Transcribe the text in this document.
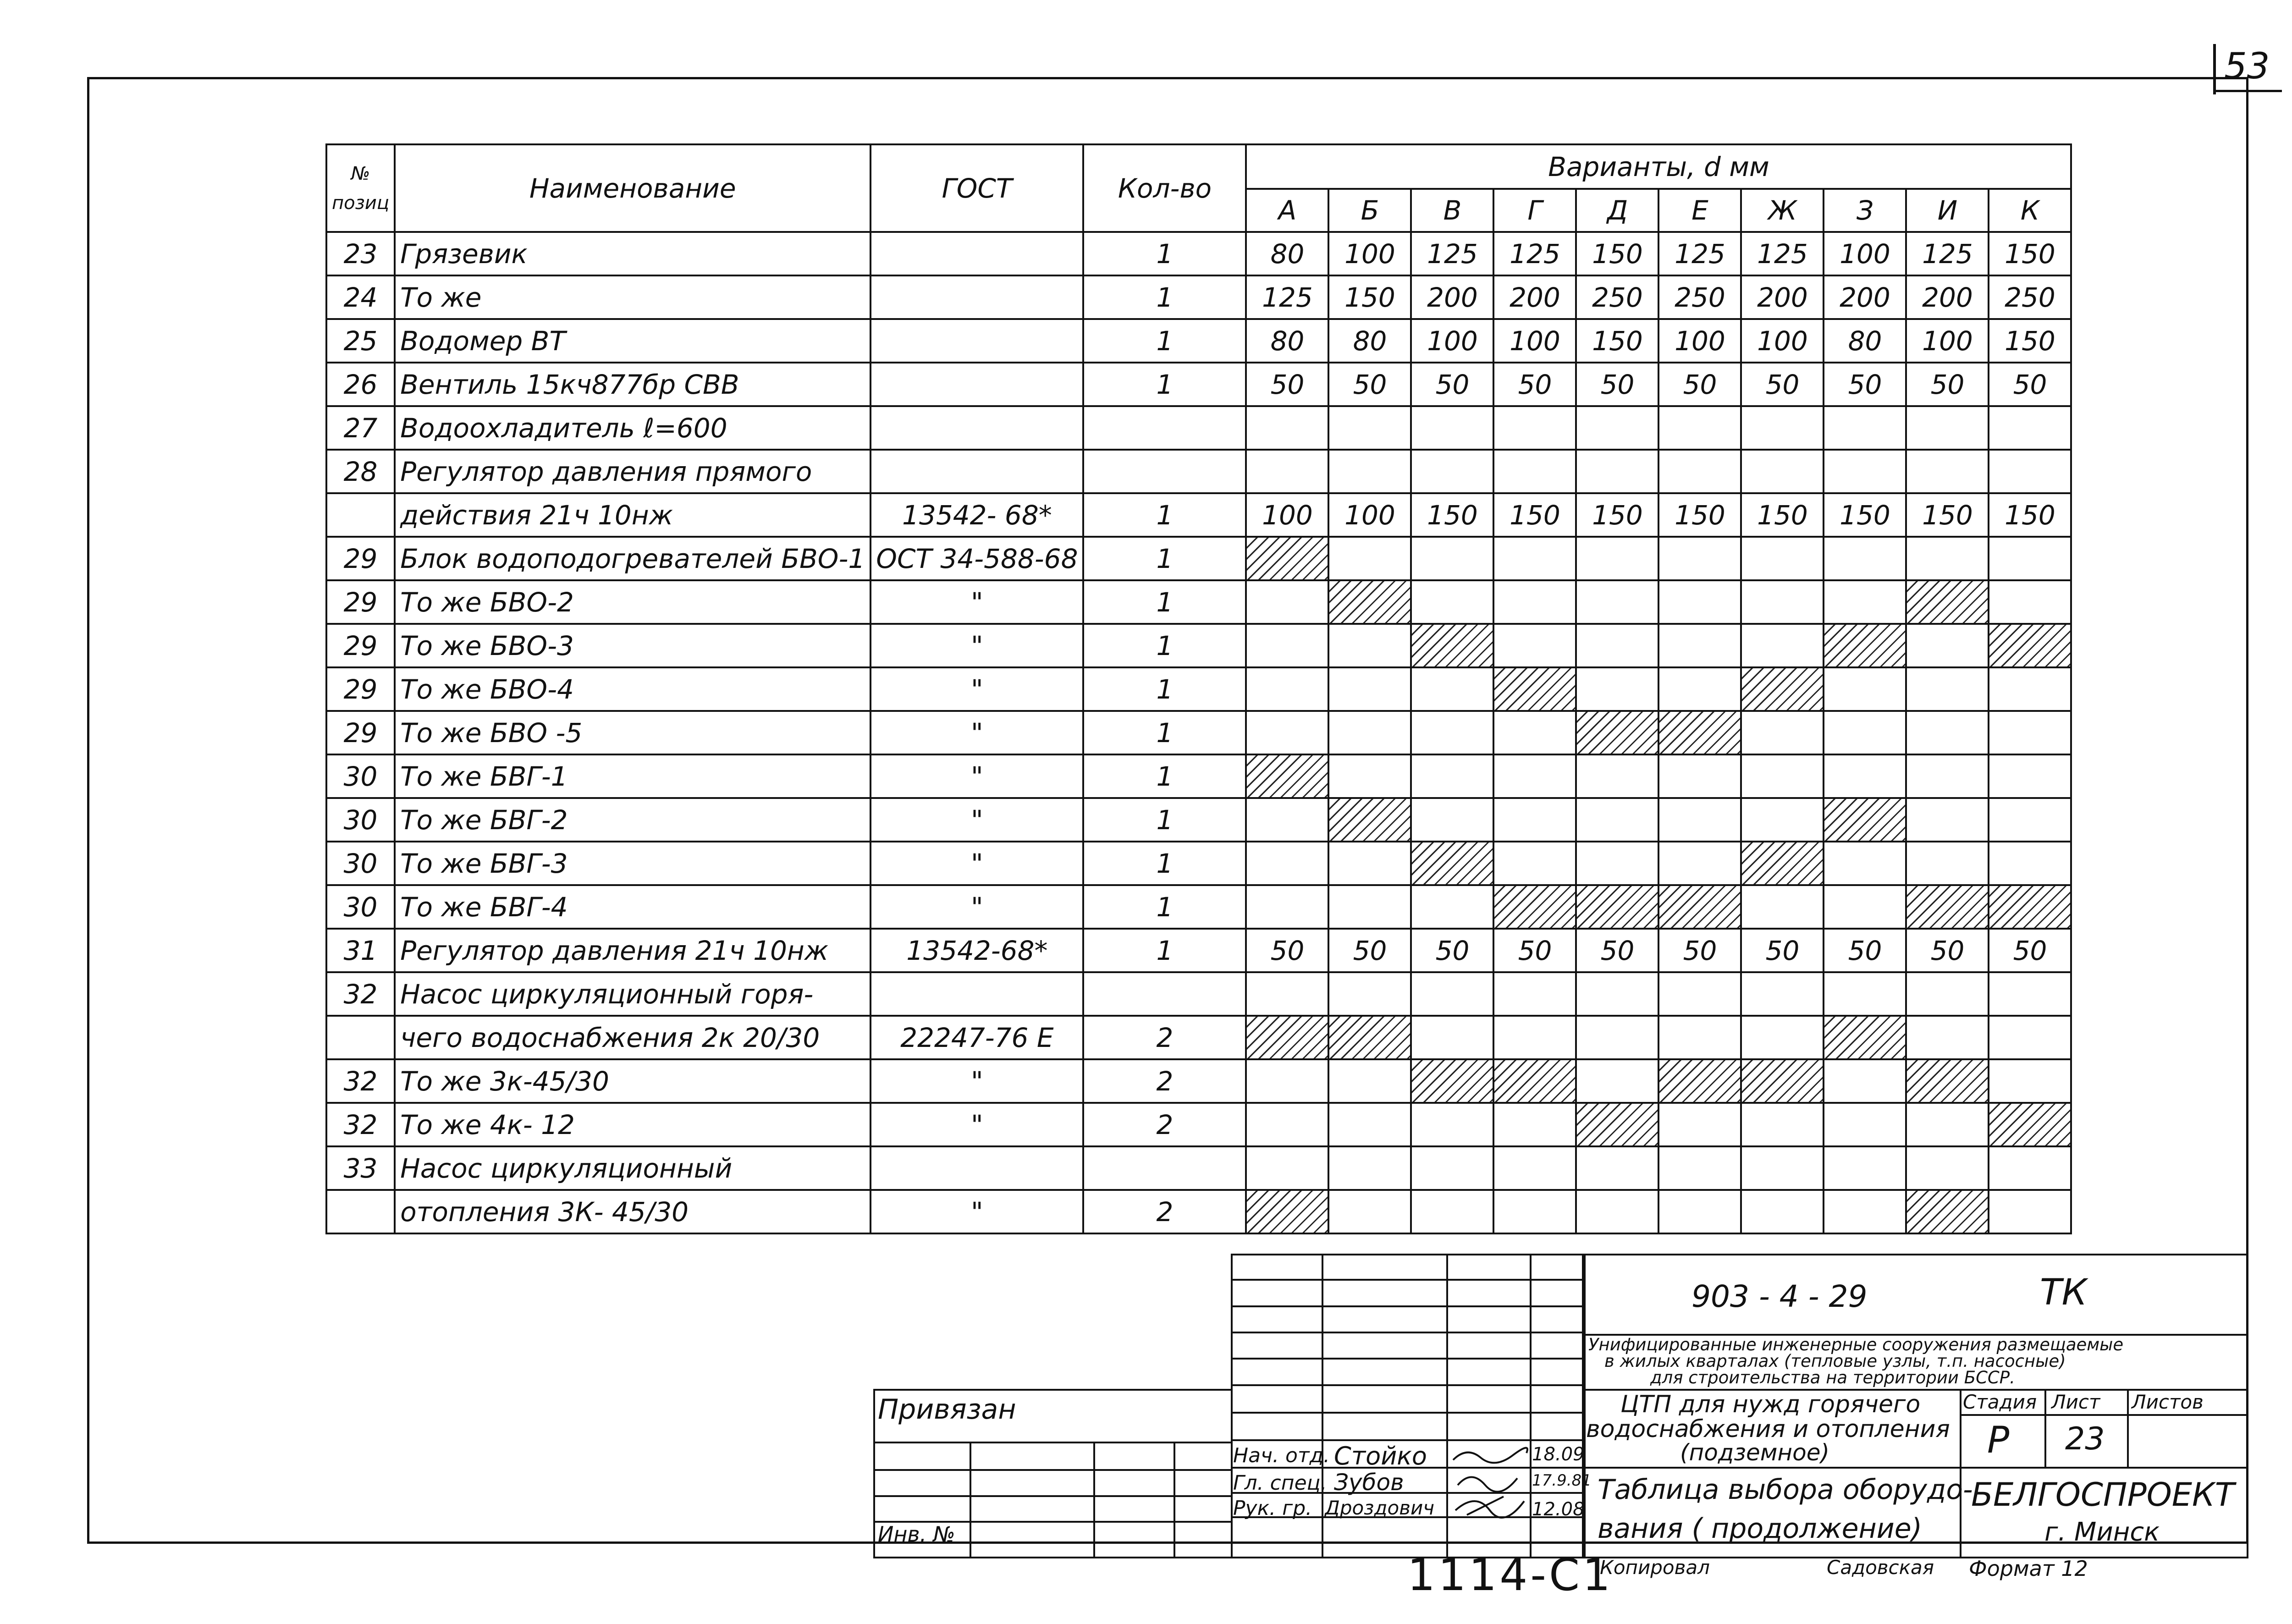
53
№ позиц	Наименование	ГОСТ	Кол-во	Варианты, d мм									
				А	Б	В	Г	Д	Е	Ж	З	И	К
23	Грязевик		1	80	100	125	125	150	125	125	100	125	150
24	То же		1	125	150	200	200	250	250	200	200	200	250
25	Водомер ВТ		1	80	80	100	100	150	100	100	80	100	150
26	Вентиль 15кч877бр СВВ		1	50	50	50	50	50	50	50	50	50	50
27	Водоохладитель ℓ=600												
28	Регулятор давления прямого												
	действия 21ч 10нж	13542- 68*	1	100	100	150	150	150	150	150	150	150	150
29	Блок водоподогревателей БВО-1	ОСТ 34-588-68	1										
29	То же БВО-2	"	1										
29	То же БВО-3	"	1										
29	То же БВО-4	"	1										
29	То же БВО -5	"	1										
30	То же БВГ-1	"	1										
30	То же БВГ-2	"	1										
30	То же БВГ-3	"	1										
30	То же БВГ-4	"	1										
31	Регулятор давления 21ч 10нж	13542-68*	1	50	50	50	50	50	50	50	50	50	50
32	Насос циркуляционный горя-												
	чего водоснабжения 2к 20/30	22247-76 Е	2										
32	То же 3к-45/30	"	2										
32	То же 4к- 12	"	2										
33	Насос циркуляционный												
	отопления 3К- 45/30	"	2										
Привязан
Инв. №
Нач. отд.
Гл. спец.
Рук. гр.
Стойко
Зубов
Дроздович
18.09
17.9.81
12.08
903 - 4 - 29	ТК
Унифицированные инженерные сооружения размещаемые
в жилых кварталах (тепловые узлы, т.п. насосные)
для строительства на территории БССР.
ЦТП для нужд горячего
водоснабжения и отопления
(подземное)
Таблица выбора оборудо-
вания ( продолжение)
Стадия Лист Листов
Р 23
БЕЛГОСПРОЕКТ
г. Минск
Копировал	Садовская Формат 12
1114-С1
